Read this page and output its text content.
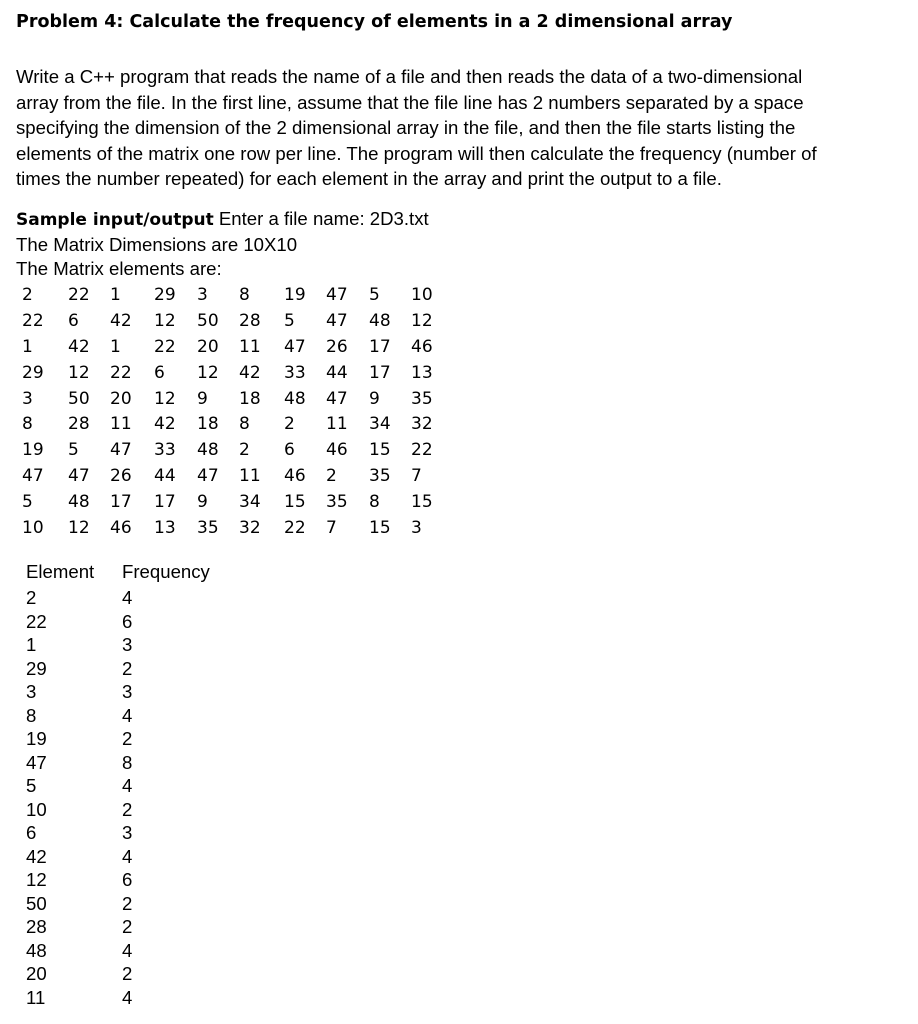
Problem 4: Calculate the frequency of elements in a 2 dimensional array
Write a C++ program that reads the name of a file and then reads the data of a two-dimensional
array from the file. In the first line, assume that the file line has 2 numbers separated by a space
specifying the dimension of the 2 dimensional array in the file, and then the file starts listing the
elements of the matrix one row per line. The program will then calculate the frequency (number of
times the number repeated) for each element in the array and print the output to a file.
Sample input/output Enter a file name: 2D3.txt
The Matrix Dimensions are 10X10
The Matrix elements are:
2 22 1 29 3 8 19 47 5 10
22 6 42 12 50 28 5 47 48 12
1 42 1 22 20 11 47 26 17 46
29 12 22 6 12 42 33 44 17 13
3 50 20 12 9 18 48 47 9 35
8 28 11 42 18 8 2 11 34 32
19 5 47 33 48 2 6 46 15 22
47 47 26 44 47 11 46 2 35 7
5 48 17 17 9 34 15 35 8 15
10 12 46 13 35 32 22 7 15 3
Element Frequency
2	4
22	6
1	3
29	2
3	3
8	4
19	2
47	8
5	4
10	2
6	3
42	4
12	6
50	2
28	2
48	4
20	2
11	4
